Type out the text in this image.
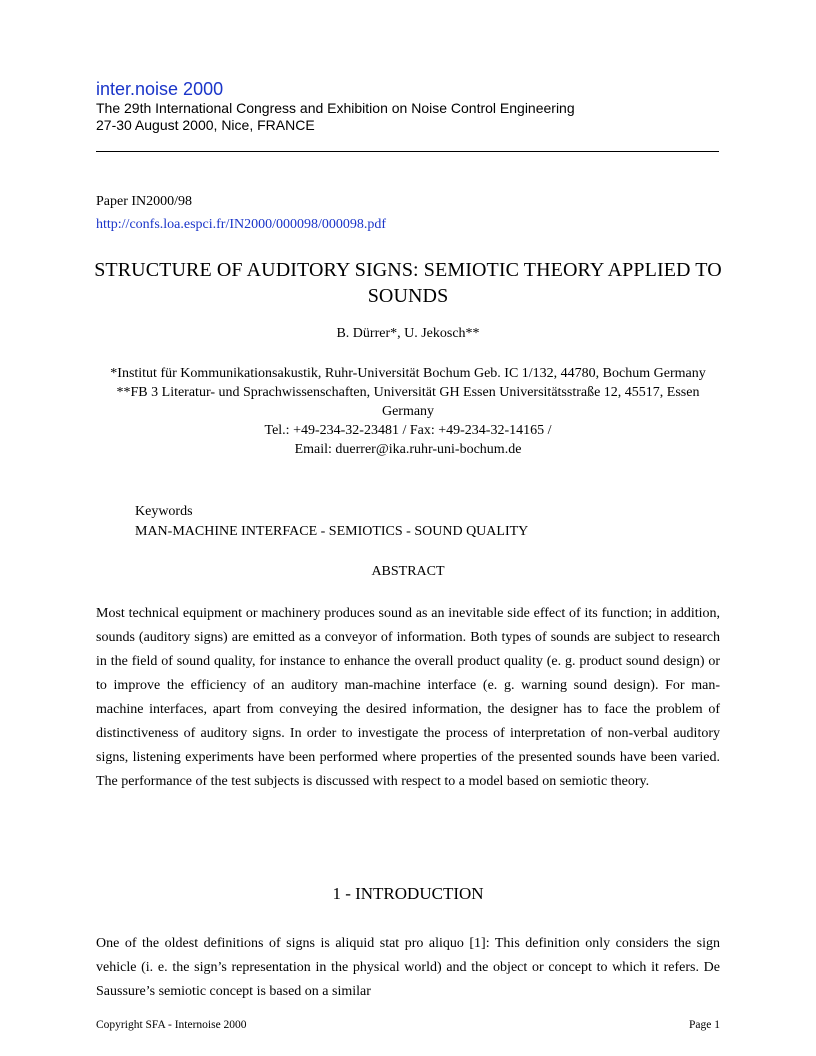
inter.noise 2000
The 29th International Congress and Exhibition on Noise Control Engineering
27-30 August 2000, Nice, FRANCE
Paper IN2000/98
http://confs.loa.espci.fr/IN2000/000098/000098.pdf
STRUCTURE OF AUDITORY SIGNS: SEMIOTIC THEORY APPLIED TO SOUNDS
B. Dürrer*, U. Jekosch**
*Institut für Kommunikationsakustik, Ruhr-Universität Bochum Geb. IC 1/132, 44780, Bochum Germany
**FB 3 Literatur- und Sprachwissenschaften, Universität GH Essen Universitätsstraße 12, 45517, Essen Germany
Tel.: +49-234-32-23481 / Fax: +49-234-32-14165 /
Email: duerrer@ika.ruhr-uni-bochum.de
Keywords
MAN-MACHINE INTERFACE - SEMIOTICS - SOUND QUALITY
ABSTRACT
Most technical equipment or machinery produces sound as an inevitable side effect of its function; in addition, sounds (auditory signs) are emitted as a conveyor of information. Both types of sounds are subject to research in the field of sound quality, for instance to enhance the overall product quality (e. g. product sound design) or to improve the efficiency of an auditory man-machine interface (e. g. warning sound design). For man-machine interfaces, apart from conveying the desired information, the designer has to face the problem of distinctiveness of auditory signs. In order to investigate the process of interpretation of non-verbal auditory signs, listening experiments have been performed where properties of the presented sounds have been varied. The performance of the test subjects is discussed with respect to a model based on semiotic theory.
1 - INTRODUCTION
One of the oldest definitions of signs is aliquid stat pro aliquo [1]: This definition only considers the sign vehicle (i. e. the sign’s representation in the physical world) and the object or concept to which it refers. De Saussure’s semiotic concept is based on a similar
Copyright SFA - Internoise 2000	Page 1
